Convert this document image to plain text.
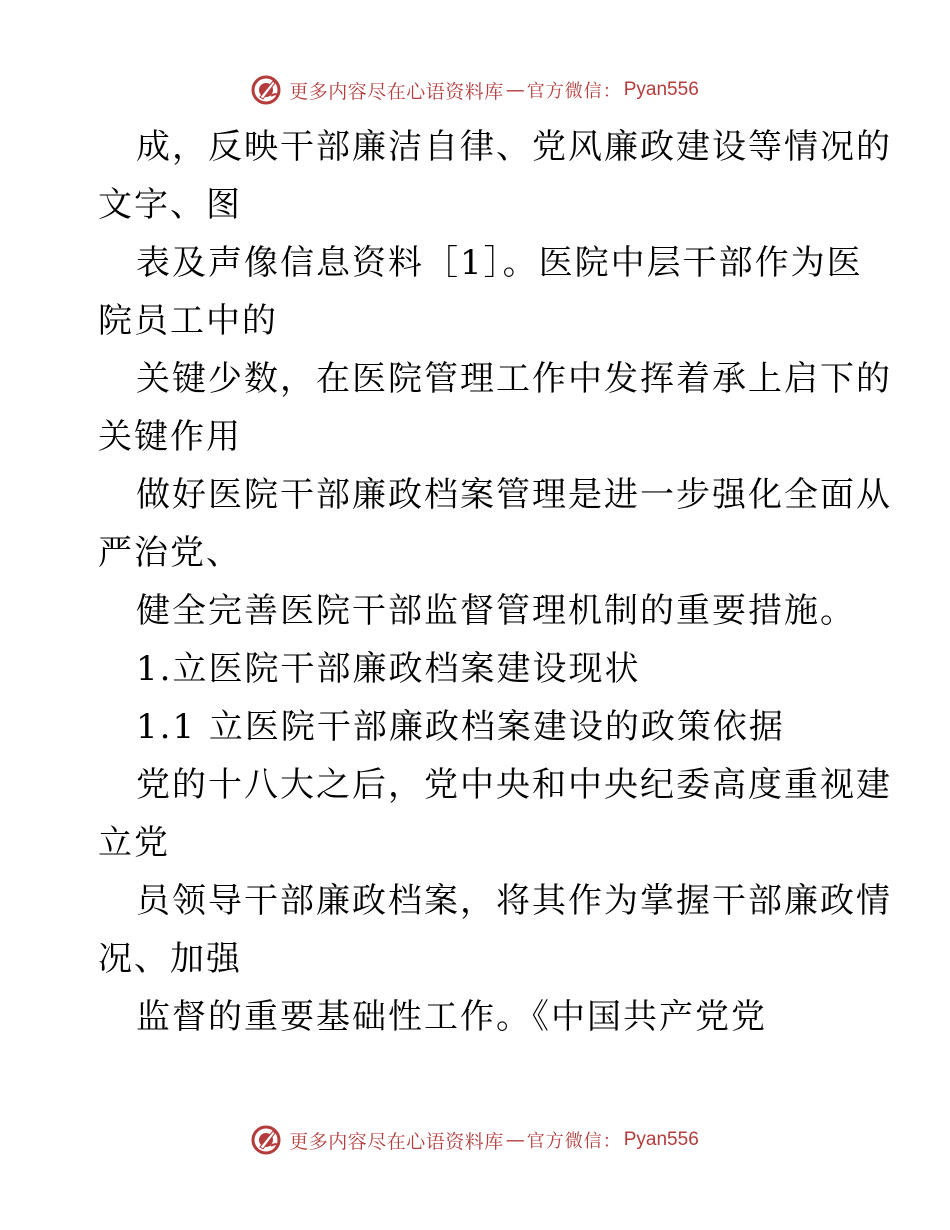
更多内容尽在心语资料库 — 官方微信： Pyan556
成，反映干部廉洁自律、党风廉政建设等情况的
文字、图
表及声像信息资料［1］。医院中层干部作为医
院员工中的
关键少数，在医院管理工作中发挥着承上启下的
关键作用
做好医院干部廉政档案管理是进一步强化全面从
严治党、
健全完善医院干部监督管理机制的重要措施。
1.立医院干部廉政档案建设现状
1.1 立医院干部廉政档案建设的政策依据
党的十八大之后，党中央和中央纪委高度重视建
立党
员领导干部廉政档案，将其作为掌握干部廉政情
况、加强
监督的重要基础性工作。《中国共产党党
更多内容尽在心语资料库 — 官方微信： Pyan556
